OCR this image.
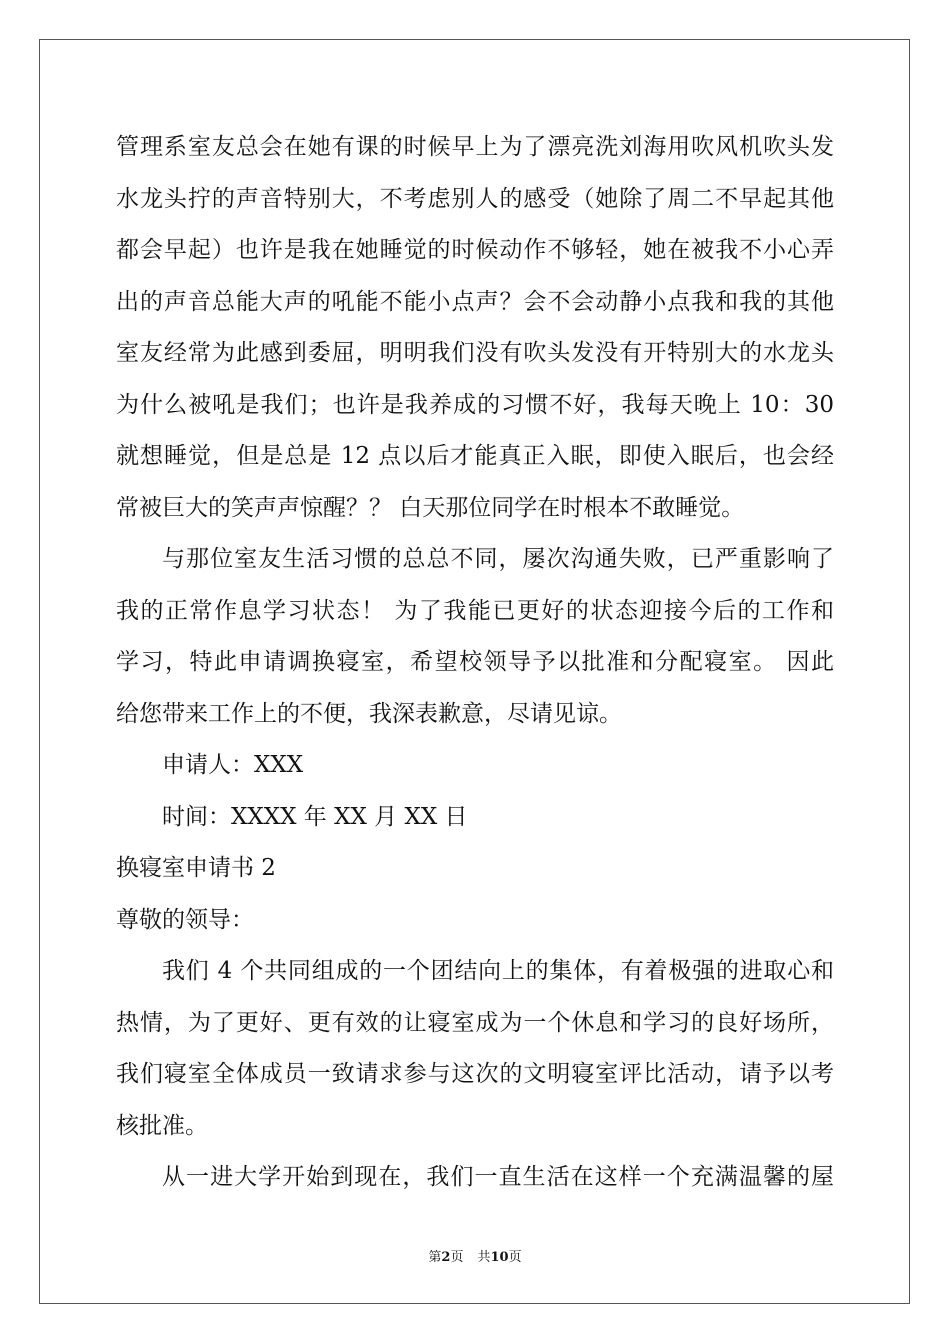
管理系室友总会在她有课的时候早上为了漂亮洗刘海用吹风机吹头发
水龙头拧的声音特别大，不考虑别人的感受（她除了周二不早起其他
都会早起）也许是我在她睡觉的时候动作不够轻，她在被我不小心弄
出的声音总能大声的吼能不能小点声？会不会动静小点我和我的其他
室友经常为此感到委屈，明明我们没有吹头发没有开特别大的水龙头
为什么被吼是我们；也许是我养成的习惯不好，我每天晚上 10：30
就想睡觉，但是总是 12 点以后才能真正入眠，即使入眠后，也会经
常被巨大的笑声声惊醒？？ 白天那位同学在时根本不敢睡觉。
与那位室友生活习惯的总总不同，屡次沟通失败，已严重影响了
我的正常作息学习状态！ 为了我能已更好的状态迎接今后的工作和
学习，特此申请调换寝室，希望校领导予以批准和分配寝室。 因此
给您带来工作上的不便，我深表歉意，尽请见谅。
申请人：XXX
时间：XXXX 年 XX 月 XX 日
换寝室申请书 2
尊敬的领导：
我们 4 个共同组成的一个团结向上的集体，有着极强的进取心和
热情，为了更好、更有效的让寝室成为一个休息和学习的良好场所，
我们寝室全体成员一致请求参与这次的文明寝室评比活动，请予以考
核批准。
从一进大学开始到现在，我们一直生活在这样一个充满温馨的屋
第2页 共10页
